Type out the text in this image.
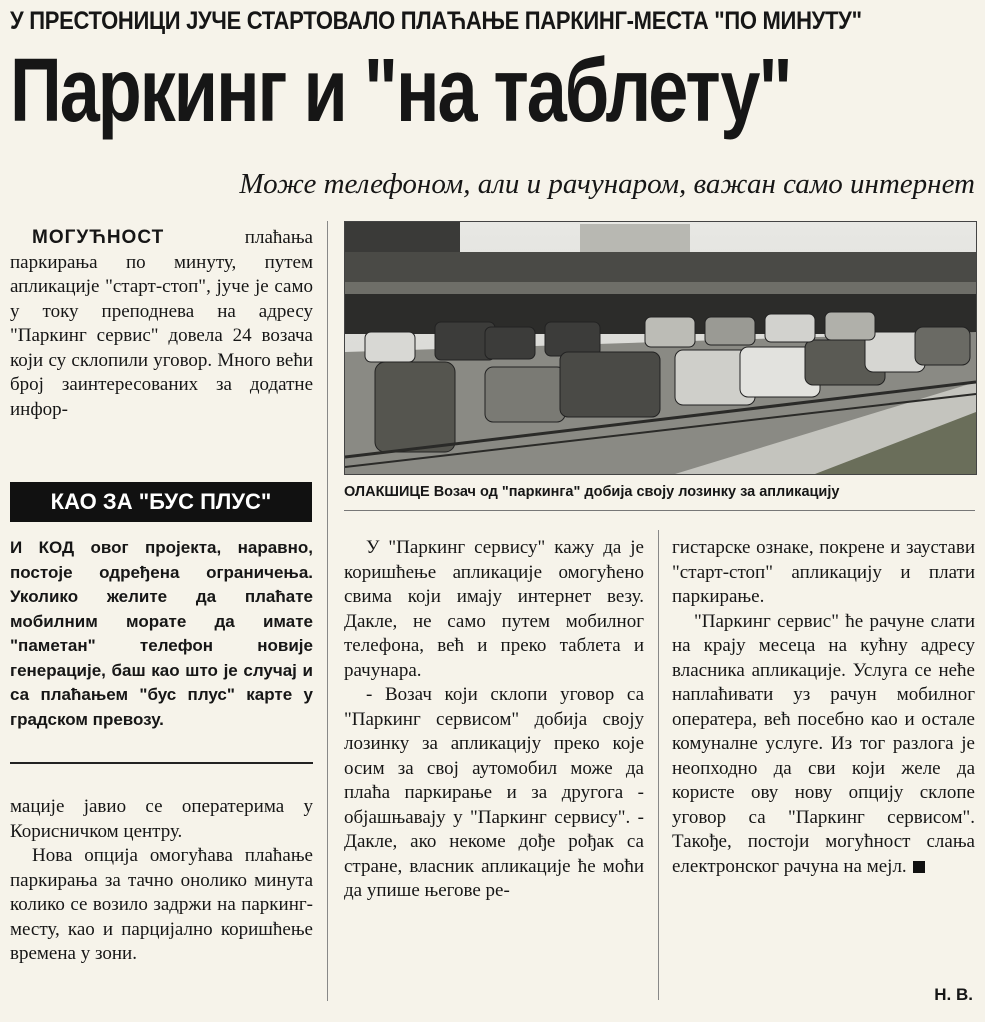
У ПРЕСТОНИЦИ ЈУЧЕ СТАРТОВАЛО ПЛАЋАЊЕ ПАРКИНГ-МЕСТА "ПО МИНУТУ"
Паркинг и "на таблету"
Може телефоном, али и рачунаром, важан само интернет

МОГУЋНОСТ плаћања паркирања по минуту, путем апликације "старт-стоп", јуче је само у току преподнева на адресу "Паркинг сервис" довела 24 возача који су склопили уговор. Много већи број заинтересованих за додатне инфор-

КАО ЗА "БУС ПЛУС"
И КОД овог пројекта, наравно, постоје одређена ограничења. Уколико желите да плаћате мобилним морате да имате "паметан" телефон новије генерације, баш као што је случај и са плаћањем "бус плус" карте у градском превозу.

мације јавио се оператерима у Корисничком центру.

Нова опција омогућава плаћање паркирања за тачно онолико минута колико се возило задржи на паркинг-месту, као и парцијално коришћење времена у зони.

ОЛАКШИЦЕ Возач од "паркинга" добија своју лозинку за апликацију

У "Паркинг сервису" кажу да је коришћење апликације омогућено свима који имају интернет везу. Дакле, не само путем мобилног телефона, већ и преко таблета и рачунара.

- Возач који склопи уговор са "Паркинг сервисом" добија своју лозинку за апликацију преко које осим за свој аутомобил може да плаћа паркирање и за другога - објашњавају у "Паркинг сервису". - Дакле, ако некоме дође рођак са стране, власник апликације ће моћи да упише његове ре-

гистарске ознаке, покрене и заустави "старт-стоп" апликацију и плати паркирање.

"Паркинг сервис" ће рачуне слати на крају месеца на кућну адресу власника апликације. Услуга се неће наплаћивати уз рачун мобилног оператера, већ посебно као и остале комуналне услуге. Из тог разлога је неопходно да сви који желе да користе ову нову опцију склопе уговор са "Паркинг сервисом". Такође, постоји могућност слања електронског рачуна на мејл.

Н. В.
